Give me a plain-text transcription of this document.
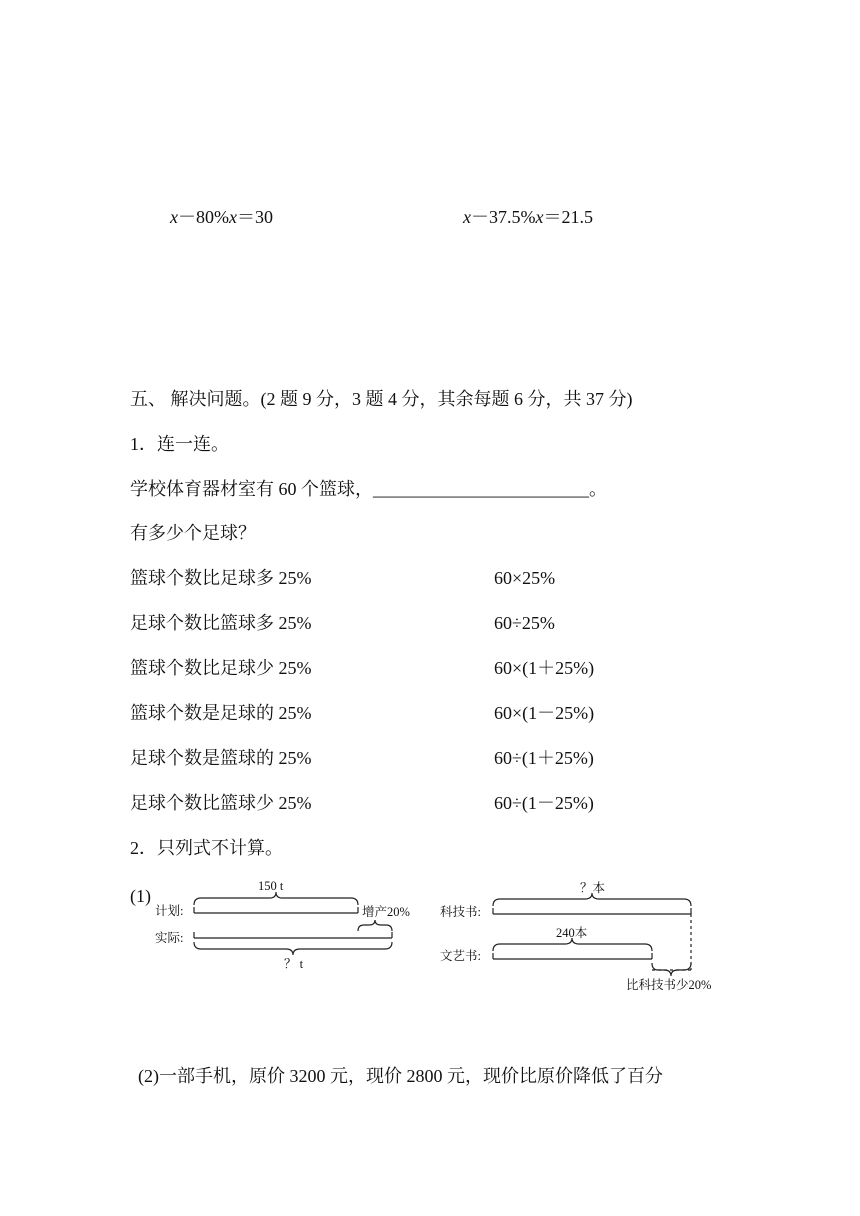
x－80%x＝30	x－37.5%x＝21.5
五、 解决问题。(2 题 9 分，3 题 4 分，其余每题 6 分，共 37 分)
1．连一连。
学校体育器材室有 60 个篮球，________________________。
有多少个足球？
篮球个数比足球多 25%
足球个数比篮球多 25%
篮球个数比足球少 25%
篮球个数是足球的 25%
足球个数是篮球的 25%
足球个数比篮球少 25%
60×25%
60÷25%
60×(1＋25%)
60×(1－25%)
60÷(1＋25%)
60÷(1－25%)
2．只列式不计算。
(1)
计划:
实际:
150 t
增产20%
？ t
科技书:
文艺书:
？本
240本
比科技书少20%
(2)一部手机，原价 3200 元，现价 2800 元，现价比原价降低了百分
